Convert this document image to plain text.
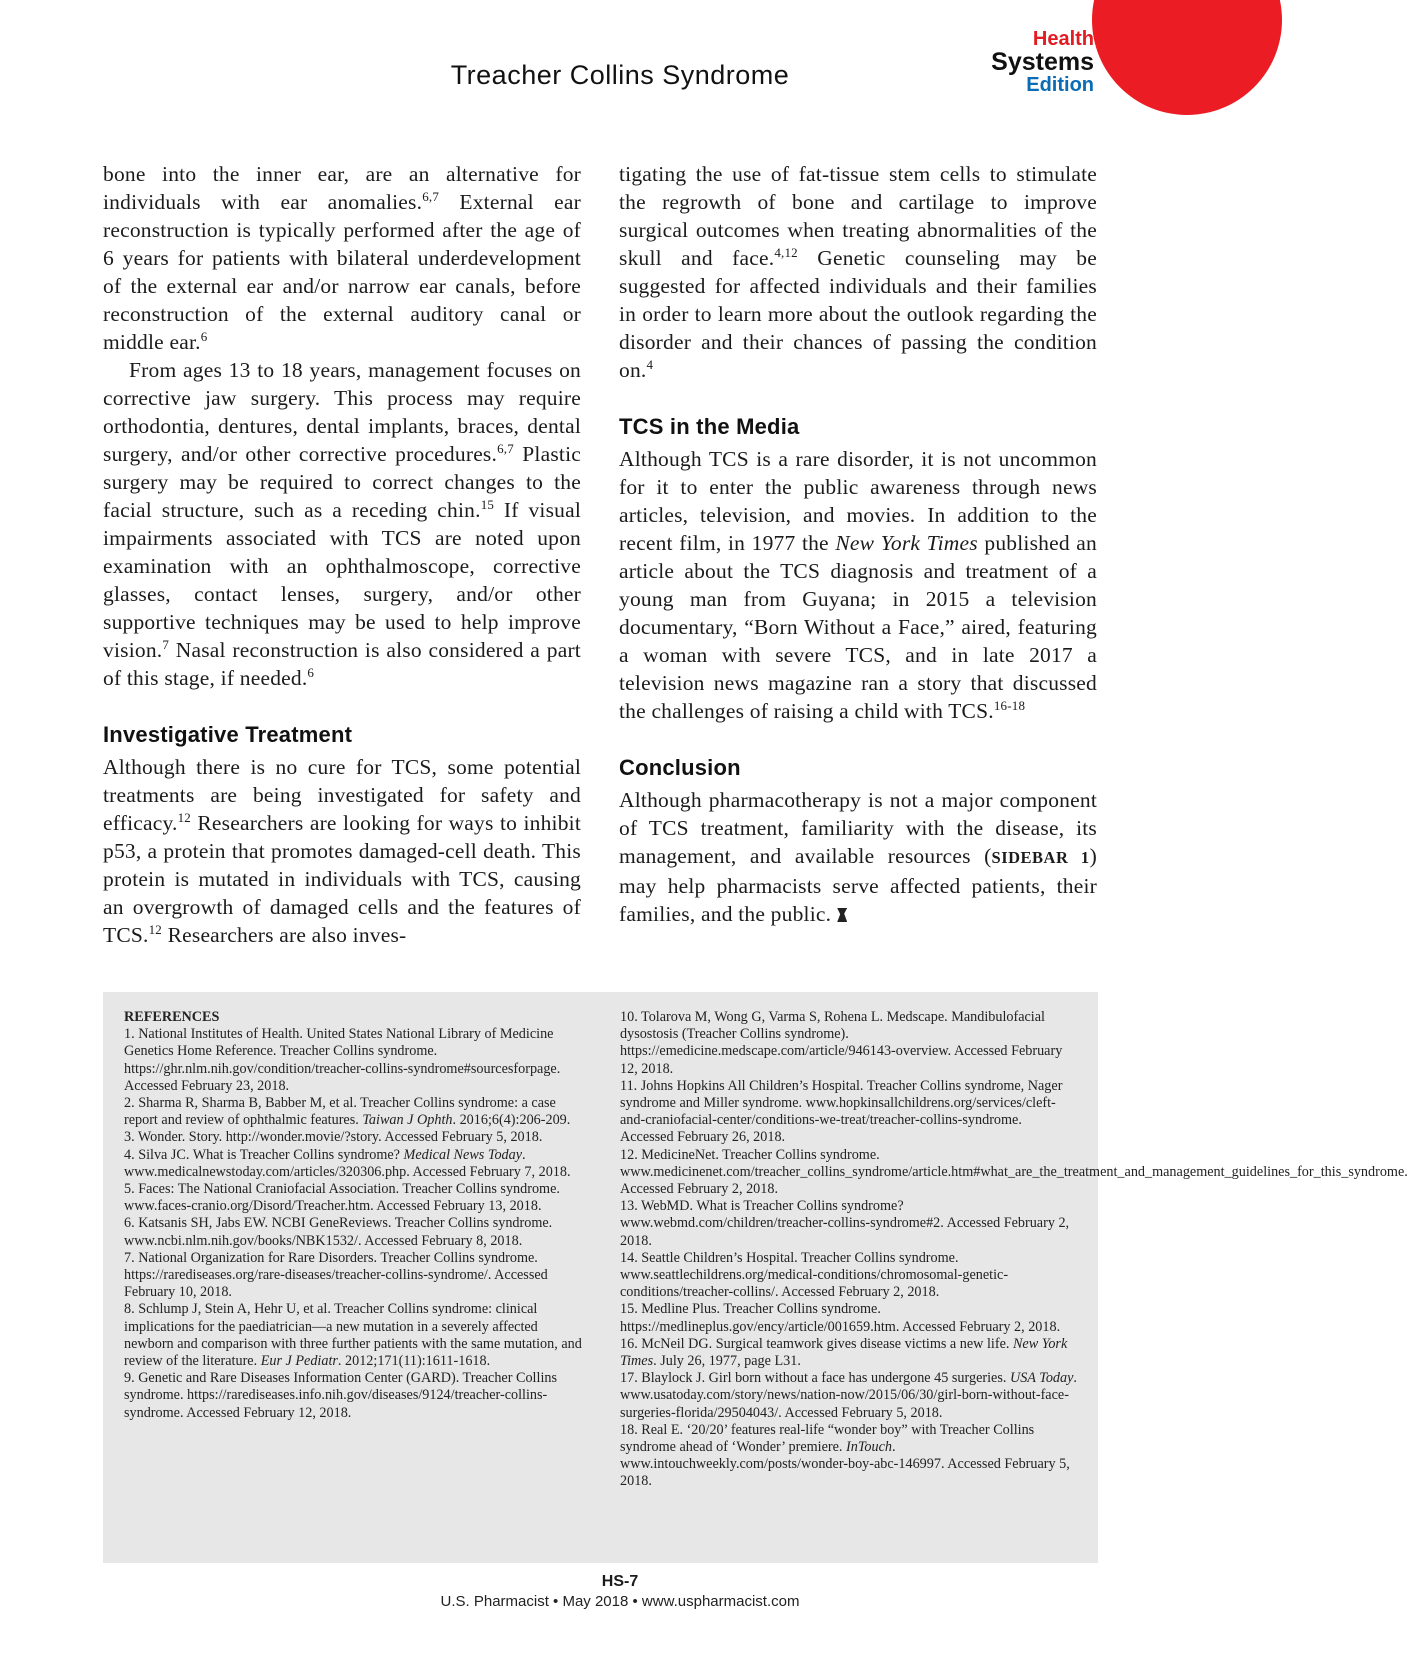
Health
Systems
Edition
Treacher Collins Syndrome

bone into the inner ear, are an alternative for individuals with ear anomalies.$^{6,7}$ External ear reconstruction is typically performed after the age of 6 years for patients with bilateral underdevelopment of the external ear and/or narrow ear canals, before reconstruction of the external auditory canal or middle ear.$^6$

From ages 13 to 18 years, management focuses on corrective jaw surgery. This process may require orthodontia, dentures, dental implants, braces, dental surgery, and/or other corrective procedures.$^{6,7}$ Plastic surgery may be required to correct changes to the facial structure, such as a receding chin.$^{15}$ If visual impairments associated with TCS are noted upon examination with an ophthalmoscope, corrective glasses, contact lenses, surgery, and/or other supportive techniques may be used to help improve vision.$^7$ Nasal reconstruction is also considered a part of this stage, if needed.$^6$

Investigative Treatment

Although there is no cure for TCS, some potential treatments are being investigated for safety and efficacy.$^{12}$ Researchers are looking for ways to inhibit p53, a protein that promotes damaged-cell death. This protein is mutated in individuals with TCS, causing an overgrowth of damaged cells and the features of TCS.$^{12}$ Researchers are also inves-

tigating the use of fat-tissue stem cells to stimulate the regrowth of bone and cartilage to improve surgical outcomes when treating abnormalities of the skull and face.$^{4,12}$ Genetic counseling may be suggested for affected individuals and their families in order to learn more about the outlook regarding the disorder and their chances of passing the condition on.$^4$

TCS in the Media

Although TCS is a rare disorder, it is not uncommon for it to enter the public awareness through news articles, television, and movies. In addition to the recent film, in 1977 the New York Times published an article about the TCS diagnosis and treatment of a young man from Guyana; in 2015 a television documentary, “Born Without a Face,” aired, featuring a woman with severe TCS, and in late 2017 a television news magazine ran a story that discussed the challenges of raising a child with TCS.$^{16-18}$

Conclusion

Although pharmacotherapy is not a major component of TCS treatment, familiarity with the disease, its management, and available resources (SIDEBAR 1) may help pharmacists serve affected patients, their families, and the public.

REFERENCES

1. National Institutes of Health. United States National Library of Medicine Genetics Home Reference. Treacher Collins syndrome. https://ghr.nlm.nih.gov/condition/treacher-collins-syndrome#sourcesforpage. Accessed February 23, 2018.

2. Sharma R, Sharma B, Babber M, et al. Treacher Collins syndrome: a case report and review of ophthalmic features. Taiwan J Ophth. 2016;6(4):206-209.

3. Wonder. Story. http://wonder.movie/?story. Accessed February 5, 2018.

4. Silva JC. What is Treacher Collins syndrome? Medical News Today. www.medicalnewstoday.com/articles/320306.php. Accessed February 7, 2018.

5. Faces: The National Craniofacial Association. Treacher Collins syndrome. www.faces-cranio.org/Disord/Treacher.htm. Accessed February 13, 2018.

6. Katsanis SH, Jabs EW. NCBI GeneReviews. Treacher Collins syndrome. www.ncbi.nlm.nih.gov/books/NBK1532/. Accessed February 8, 2018.

7. National Organization for Rare Disorders. Treacher Collins syndrome. https://rarediseases.org/rare-diseases/treacher-collins-syndrome/. Accessed February 10, 2018.

8. Schlump J, Stein A, Hehr U, et al. Treacher Collins syndrome: clinical implications for the paediatrician—a new mutation in a severely affected newborn and comparison with three further patients with the same mutation, and review of the literature. Eur J Pediatr. 2012;171(11):1611-1618.

9. Genetic and Rare Diseases Information Center (GARD). Treacher Collins syndrome. https://rarediseases.info.nih.gov/diseases/9124/treacher-collins-syndrome. Accessed February 12, 2018.

10. Tolarova M, Wong G, Varma S, Rohena L. Medscape. Mandibulofacial dysostosis (Treacher Collins syndrome). https://emedicine.medscape.com/article/946143-overview. Accessed February 12, 2018.

11. Johns Hopkins All Children’s Hospital. Treacher Collins syndrome, Nager syndrome and Miller syndrome. www.hopkinsallchildrens.org/services/cleft-and-craniofacial-center/conditions-we-treat/treacher-collins-syndrome. Accessed February 26, 2018.

12. MedicineNet. Treacher Collins syndrome. www.medicinenet.com/treacher_collins_syndrome/article.htm#what_are_the_treatment_and_management_guidelines_for_this_syndrome. Accessed February 2, 2018.

13. WebMD. What is Treacher Collins syndrome? www.webmd.com/children/treacher-collins-syndrome#2. Accessed February 2, 2018.

14. Seattle Children’s Hospital. Treacher Collins syndrome. www.seattlechildrens.org/medical-conditions/chromosomal-genetic-conditions/treacher-collins/. Accessed February 2, 2018.

15. Medline Plus. Treacher Collins syndrome. https://medlineplus.gov/ency/article/001659.htm. Accessed February 2, 2018.

16. McNeil DG. Surgical teamwork gives disease victims a new life. New York Times. July 26, 1977, page L31.

17. Blaylock J. Girl born without a face has undergone 45 surgeries. USA Today. www.usatoday.com/story/news/nation-now/2015/06/30/girl-born-without-face-surgeries-florida/29504043/. Accessed February 5, 2018.

18. Real E. ‘20/20’ features real-life “wonder boy” with Treacher Collins syndrome ahead of ‘Wonder’ premiere. InTouch. www.intouchweekly.com/posts/wonder-boy-abc-146997. Accessed February 5, 2018.

HS-7
U.S. Pharmacist • May 2018 • www.uspharmacist.com
